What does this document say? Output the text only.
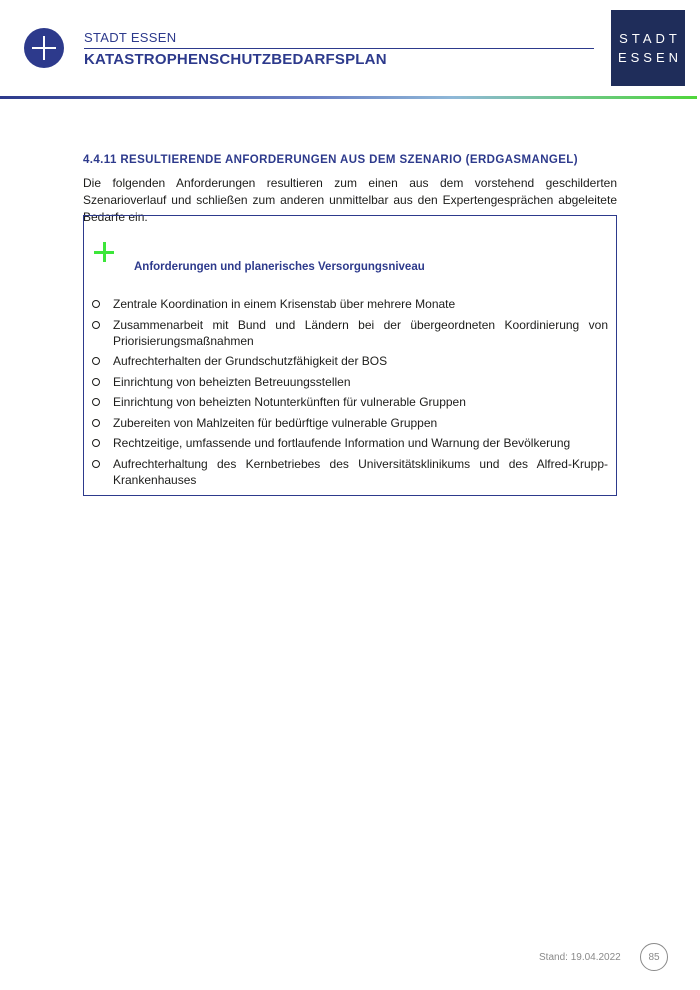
STADT ESSEN
KATASTROPHENSCHUTZBEDARFSPLAN
STADT
ESSEN
4.4.11 RESULTIERENDE ANFORDERUNGEN AUS DEM SZENARIO (ERDGASMANGEL)
Die folgenden Anforderungen resultieren zum einen aus dem vorstehend geschilderten Szenarioverlauf und schließen zum anderen unmittelbar aus den Expertengesprächen abgeleitete Bedarfe ein.
Anforderungen und planerisches Versorgungsniveau
Zentrale Koordination in einem Krisenstab über mehrere Monate
Zusammenarbeit mit Bund und Ländern bei der übergeordneten Koordinierung von Priorisierungsmaßnahmen
Aufrechterhalten der Grundschutzfähigkeit der BOS
Einrichtung von beheizten Betreuungsstellen
Einrichtung von beheizten Notunterkünften für vulnerable Gruppen
Zubereiten von Mahlzeiten für bedürftige vulnerable Gruppen
Rechtzeitige, umfassende und fortlaufende Information und Warnung der Bevölkerung
Aufrechterhaltung des Kernbetriebes des Universitätsklinikums und des Alfred-Krupp-Krankenhauses
Stand: 19.04.2022	85
